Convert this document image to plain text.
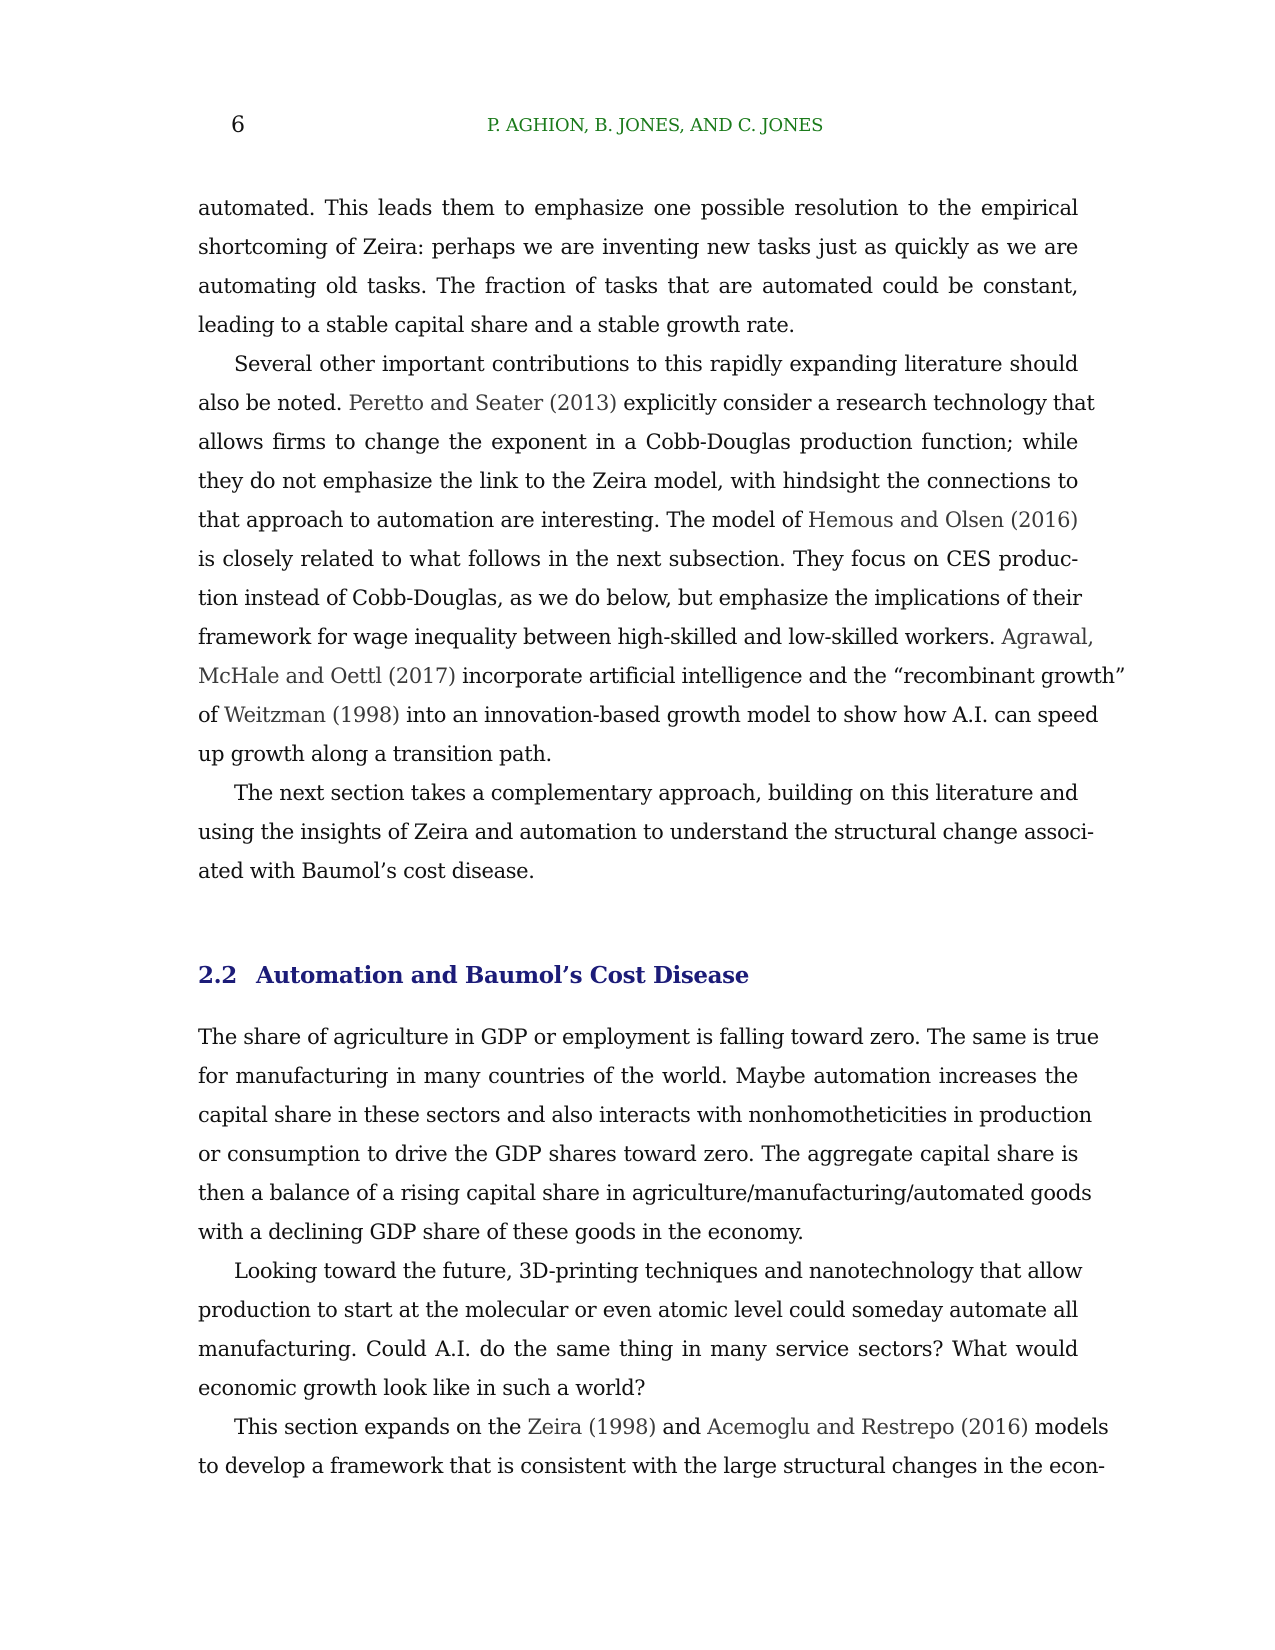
6	P. AGHION, B. JONES, AND C. JONES
automated. This leads them to emphasize one possible resolution to the empirical
shortcoming of Zeira: perhaps we are inventing new tasks just as quickly as we are
automating old tasks. The fraction of tasks that are automated could be constant,
leading to a stable capital share and a stable growth rate.
Several other important contributions to this rapidly expanding literature should
also be noted. Peretto and Seater (2013) explicitly consider a research technology that
allows firms to change the exponent in a Cobb-Douglas production function; while
they do not emphasize the link to the Zeira model, with hindsight the connections to
that approach to automation are interesting. The model of Hemous and Olsen (2016)
is closely related to what follows in the next subsection. They focus on CES produc-
tion instead of Cobb-Douglas, as we do below, but emphasize the implications of their
framework for wage inequality between high-skilled and low-skilled workers. Agrawal,
McHale and Oettl (2017) incorporate artificial intelligence and the “recombinant growth”
of Weitzman (1998) into an innovation-based growth model to show how A.I. can speed
up growth along a transition path.
The next section takes a complementary approach, building on this literature and
using the insights of Zeira and automation to understand the structural change associ-
ated with Baumol’s cost disease.
2.2 Automation and Baumol’s Cost Disease
The share of agriculture in GDP or employment is falling toward zero. The same is true
for manufacturing in many countries of the world. Maybe automation increases the
capital share in these sectors and also interacts with nonhomotheticities in production
or consumption to drive the GDP shares toward zero. The aggregate capital share is
then a balance of a rising capital share in agriculture/manufacturing/automated goods
with a declining GDP share of these goods in the economy.
Looking toward the future, 3D-printing techniques and nanotechnology that allow
production to start at the molecular or even atomic level could someday automate all
manufacturing. Could A.I. do the same thing in many service sectors? What would
economic growth look like in such a world?
This section expands on the Zeira (1998) and Acemoglu and Restrepo (2016) models
to develop a framework that is consistent with the large structural changes in the econ-
